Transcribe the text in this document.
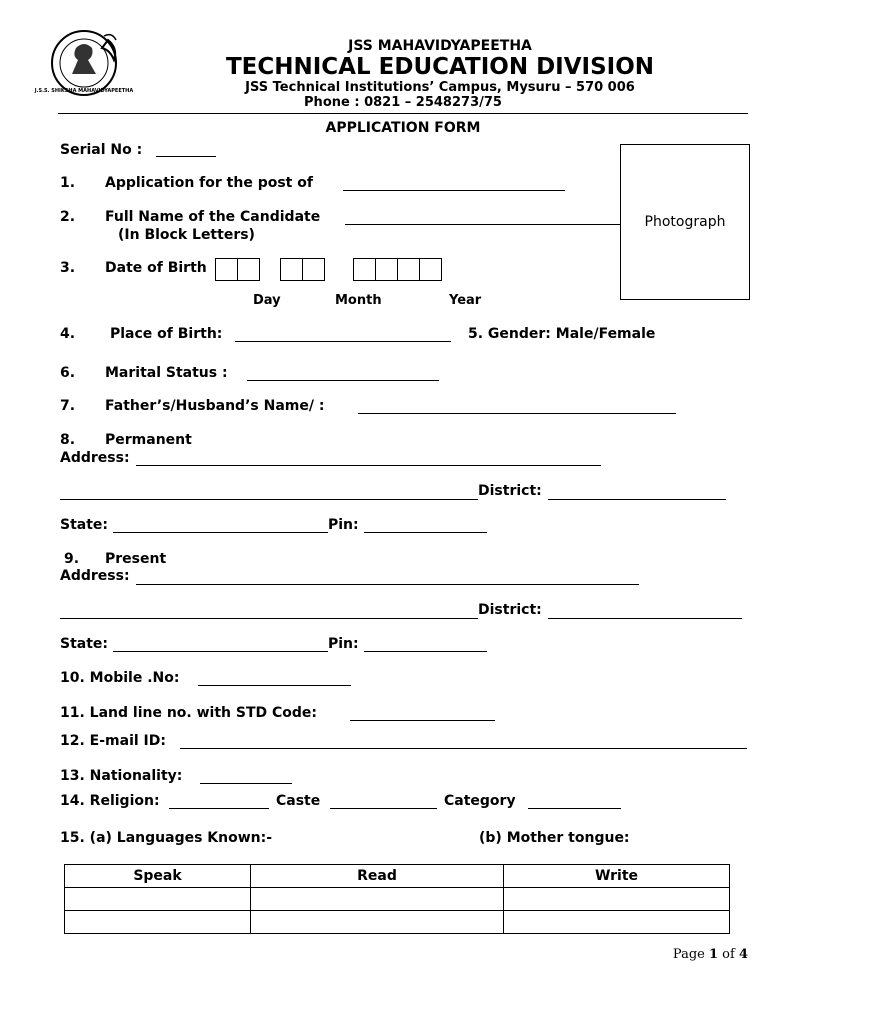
J.S.S. SHIKSHA MAHAVIDYAPEETHA
JSS MAHAVIDYAPEETHA
TECHNICAL EDUCATION DIVISION
JSS Technical Institutions’ Campus, Mysuru – 570 006
Phone : 0821 – 2548273/75
APPLICATION FORM
Photograph
Serial No :
1. Application for the post of
2. Full Name of the Candidate
(In Block Letters)
3. Date of Birth
Day	Month	Year
4. Place of Birth:	5. Gender: Male/Female
6. Marital Status :
7. Father’s/Husband’s Name/ :
8. Permanent
Address:
District:
State:	Pin:
9. Present
Address:
District:
State:	Pin:
10. Mobile .No:
11. Land line no. with STD Code:
12. E-mail ID:
13. Nationality:
14. Religion:	Caste	Category
15. (a) Languages Known:-	(b) Mother tongue:
Speak	Read	Write

Page 1 of 4
